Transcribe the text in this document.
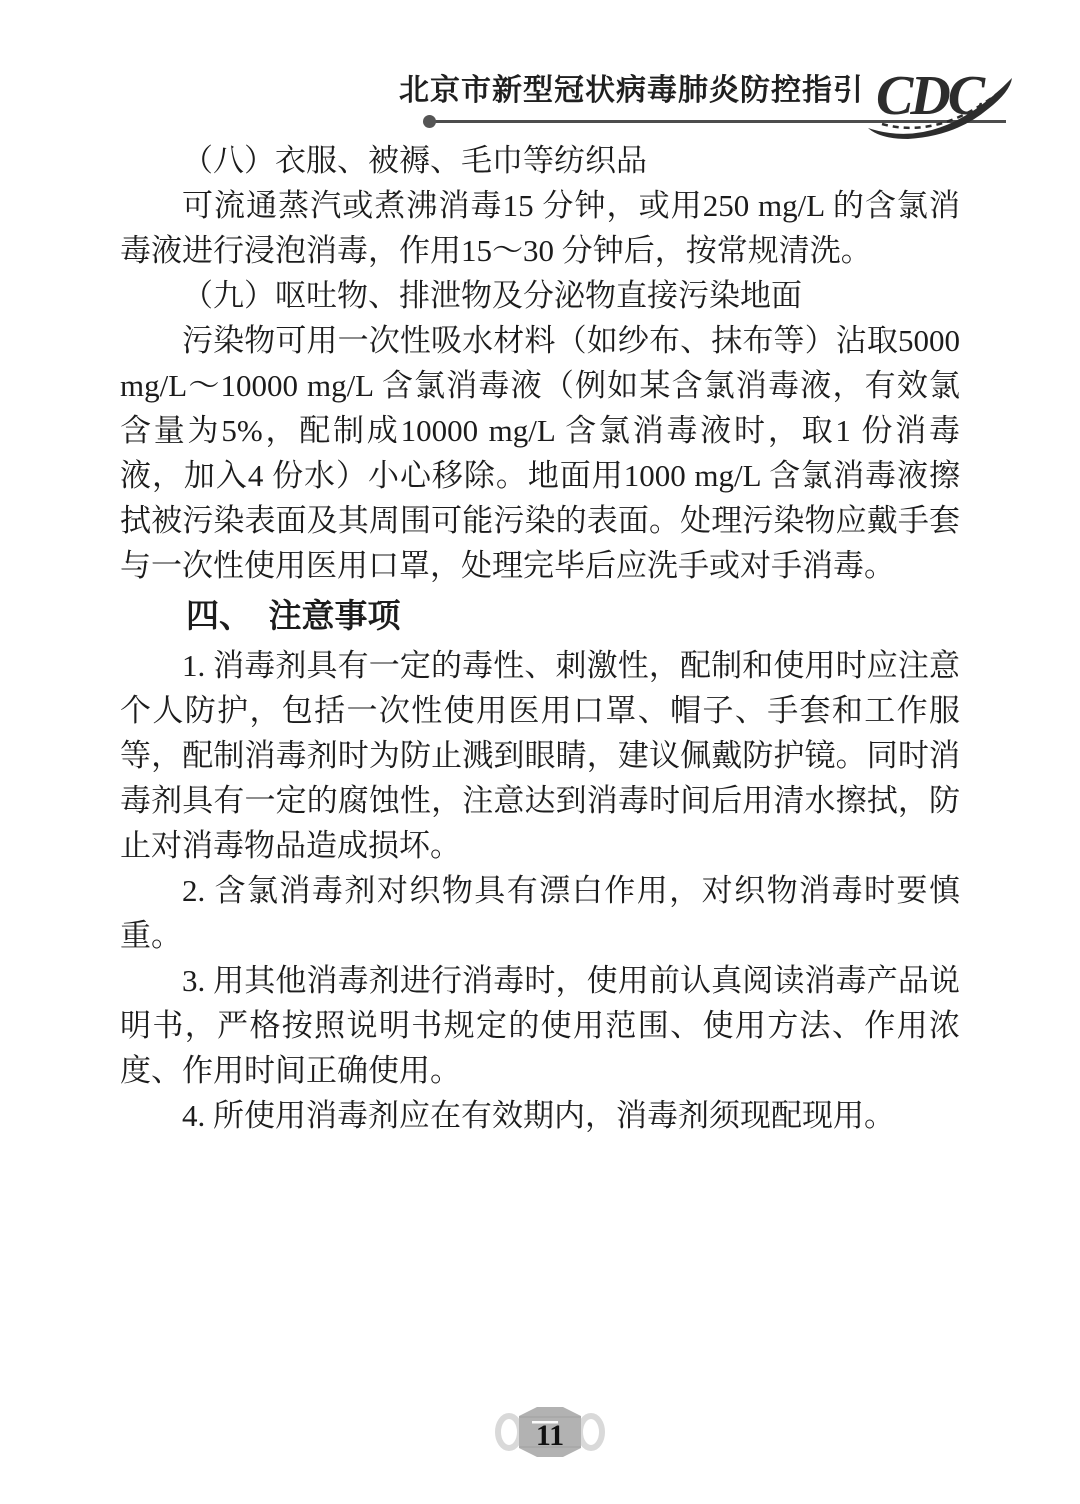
北京市新型冠状病毒肺炎防控指引 CDC

（八）衣服、被褥、毛巾等纺织品

可流通蒸汽或煮沸消毒15 分钟，或用250 mg/L 的含氯消毒液进行浸泡消毒，作用15～30 分钟后，按常规清洗。

（九）呕吐物、排泄物及分泌物直接污染地面

污染物可用一次性吸水材料（如纱布、抹布等）沾取5000 mg/L～10000 mg/L 含氯消毒液（例如某含氯消毒液，有效氯含量为5%，配制成10000 mg/L 含氯消毒液时，取1 份消毒液，加入4 份水）小心移除。地面用1000 mg/L 含氯消毒液擦拭被污染表面及其周围可能污染的表面。处理污染物应戴手套与一次性使用医用口罩，处理完毕后应洗手或对手消毒。

四、　注意事项

1. 消毒剂具有一定的毒性、刺激性，配制和使用时应注意个人防护，包括一次性使用医用口罩、帽子、手套和工作服等，配制消毒剂时为防止溅到眼睛，建议佩戴防护镜。同时消毒剂具有一定的腐蚀性，注意达到消毒时间后用清水擦拭，防止对消毒物品造成损坏。

2. 含氯消毒剂对织物具有漂白作用，对织物消毒时要慎重。

3. 用其他消毒剂进行消毒时，使用前认真阅读消毒产品说明书，严格按照说明书规定的使用范围、使用方法、作用浓度、作用时间正确使用。

4. 所使用消毒剂应在有效期内，消毒剂须现配现用。

11
